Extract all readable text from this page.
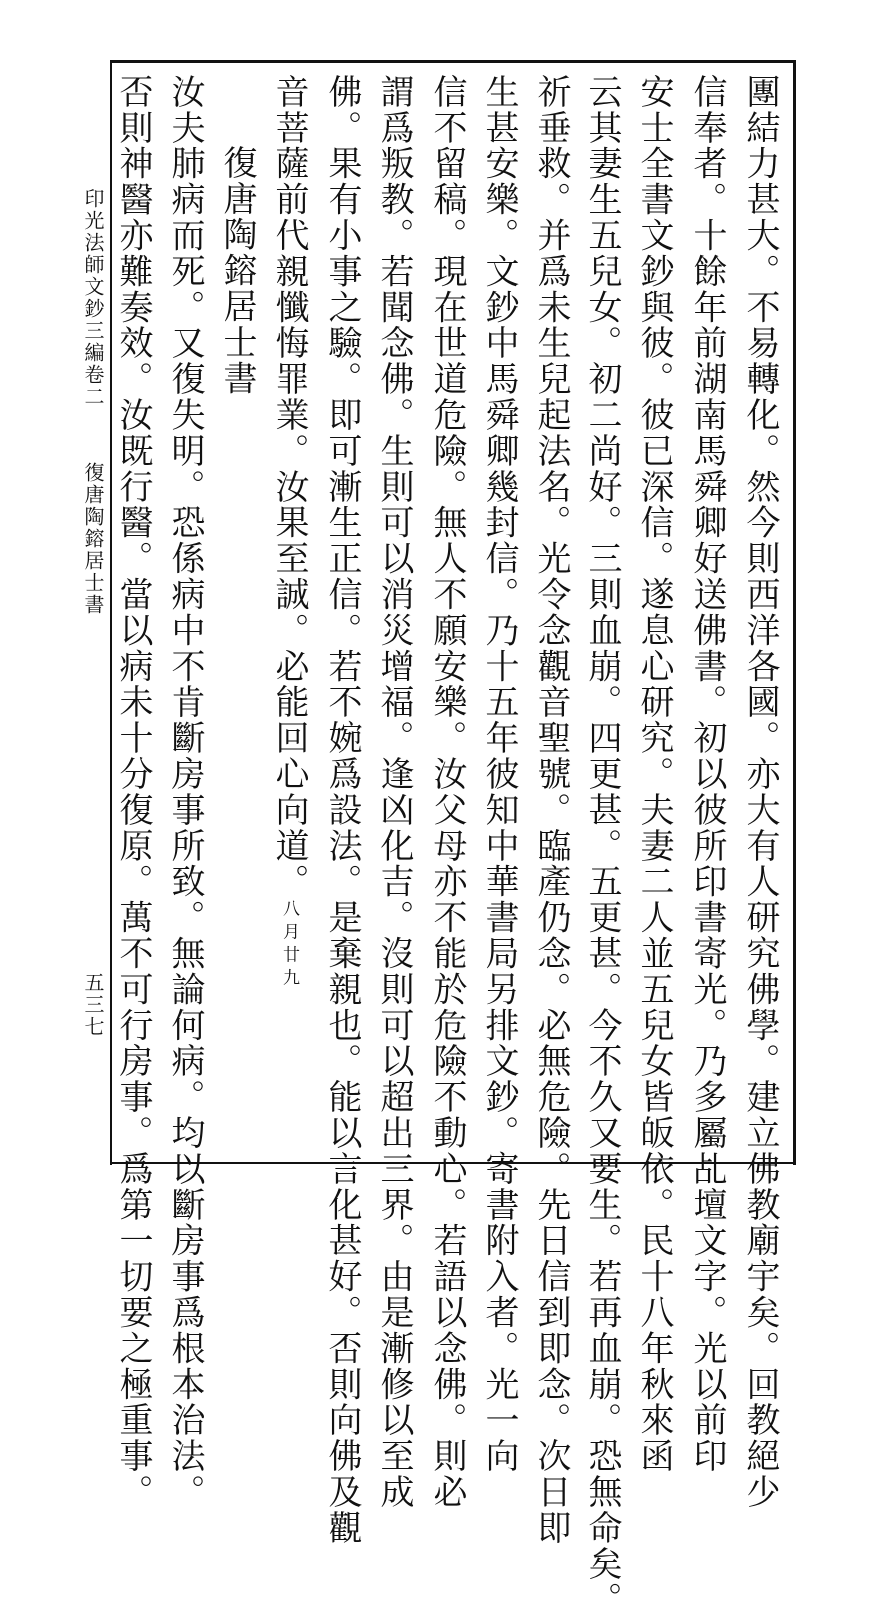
團結力甚大。不易轉化。然今則西洋各國。亦大有人研究佛學。建立佛教廟宇矣。回教絕少
信奉者。十餘年前湖南馬舜卿好送佛書。初以彼所印書寄光。乃多屬乩壇文字。光以前印
安士全書文鈔與彼。彼已深信。遂息心研究。夫妻二人並五兒女皆皈依。民十八年秋來函
云其妻生五兒女。初二尚好。三則血崩。四更甚。五更甚。今不久又要生。若再血崩。恐無命矣。
祈垂救。并爲未生兒起法名。光令念觀音聖號。臨產仍念。必無危險。先日信到即念。次日即
生甚安樂。文鈔中馬舜卿幾封信。乃十五年彼知中華書局另排文鈔。寄書附入者。光一向
信不留稿。現在世道危險。無人不願安樂。汝父母亦不能於危險不動心。若語以念佛。則必
謂爲叛教。若聞念佛。生則可以消災增福。逢凶化吉。沒則可以超出三界。由是漸修以至成
佛。果有小事之驗。即可漸生正信。若不婉爲設法。是棄親也。能以言化甚好。否則向佛及觀
音菩薩前代親懺悔罪業。汝果至誠。必能回心向道。八月廿九
復唐陶鎔居士書
汝夫肺病而死。又復失明。恐係病中不肯斷房事所致。無論何病。均以斷房事爲根本治法。
否則神醫亦難奏效。汝既行醫。當以病未十分復原。萬不可行房事。爲第一切要之極重事。
印光法師文鈔三編卷二
復唐陶鎔居士書
五三七
